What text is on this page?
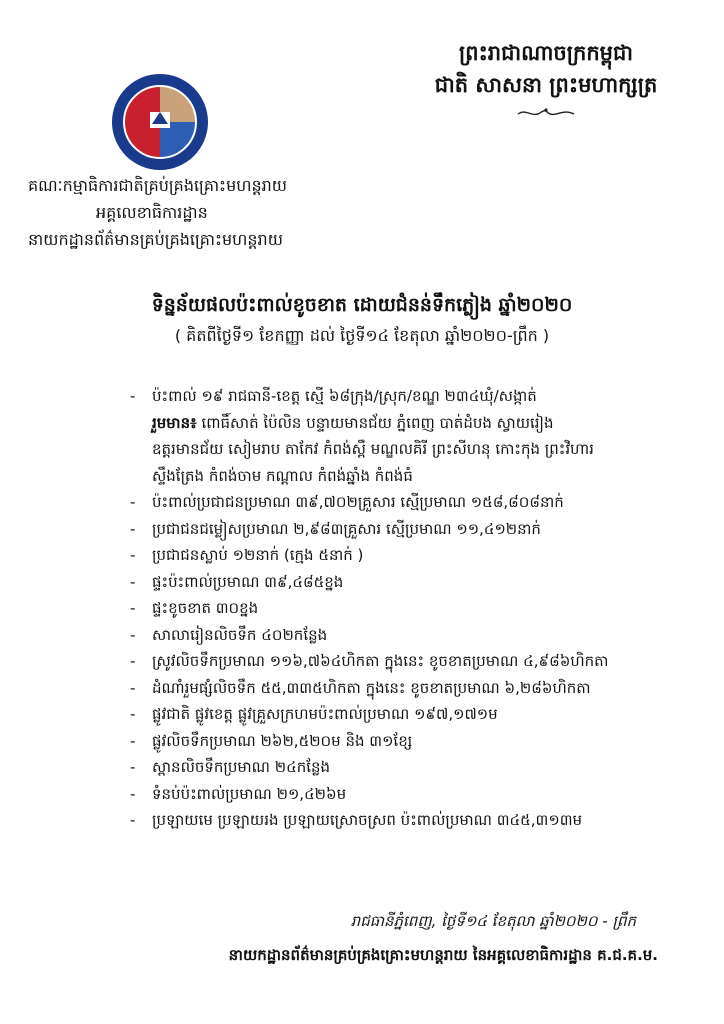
ព្រះរាជាណាចក្រកម្ពុជា
ជាតិ សាសនា ព្រះមហាក្សត្រ
គណៈកម្មាធិការជាតិគ្រប់គ្រងគ្រោះមហន្តរាយ
អគ្គលេខាធិការដ្ឋាន
នាយកដ្ឋានព័ត៌មានគ្រប់គ្រងគ្រោះមហន្តរាយ
ទិន្នន័យផលប៉ះពាល់ខូចខាត ដោយជំនន់ទឹកភ្លៀង ឆ្នាំ២០២០
( គិតពីថ្ងៃទី១ ខែកញ្ញា ដល់ ថ្ងៃទី១៤ ខែតុលា ឆ្នាំ២០២០-ព្រឹក )
- ប៉ះពាល់ ១៩ រាជធានី-ខេត្ត ស្មើ ៦៨ក្រុង/ស្រុក/ខណ្ឌ ២៣៤ឃុំ/សង្កាត់
រួមមាន៖ ពោធិ៍សាត់ ប៉ៃលិន បន្ទាយមានជ័យ ភ្នំពេញ បាត់ដំបង ស្វាយរៀង
ឧត្តរមានជ័យ សៀមរាប តាកែវ កំពង់ស្ពឺ មណ្ឌលគិរី ព្រះសីហនុ កោះកុង ព្រះវិហារ
ស្ទឹងត្រែង កំពង់ចាម កណ្ដាល កំពង់ឆ្នាំង កំពង់ធំ
- ប៉ះពាល់ប្រជាជនប្រមាណ ៣៩,៧០២គ្រួសារ ស្មើប្រមាណ ១៥៨,៨០៨នាក់
- ប្រជាជនជម្លៀសប្រមាណ ២,៩៨៣គ្រួសារ ស្មើប្រមាណ ១១,៤១២នាក់
- ប្រជាជនស្លាប់ ១២នាក់ (ក្មេង ៥នាក់ )
- ផ្ទះប៉ះពាល់ប្រមាណ ៣៩,៤៨៥ខ្នង
- ផ្ទះខូចខាត ៣០ខ្នង
- សាលារៀនលិចទឹក ៤០២កន្លែង
- ស្រូវលិចទឹកប្រមាណ ១១៦,៧៦៤ហិកតា ក្នុងនេះ ខូចខាតប្រមាណ ៤,៩៨៦ហិកតា
- ដំណាំរួមផ្សំលិចទឹក ៥៥,៣៣៥ហិកតា ក្នុងនេះ ខូចខាតប្រមាណ ៦,២៨៦ហិកតា
- ផ្លូវជាតិ ផ្លូវខេត្ត ផ្លូវគ្រួសក្រហមប៉ះពាល់ប្រមាណ ១៩៧,១៧១ម
- ផ្លូវលិចទឹកប្រមាណ ២៦២,៥២០ម និង ៣១ខ្សែ
- ស្ពានលិចទឹកប្រមាណ ២៤កន្លែង
- ទំនប់ប៉ះពាល់ប្រមាណ ២១,៤២៦ម
- ប្រឡាយមេ ប្រឡាយរង ប្រឡាយស្រោចស្រព ប៉ះពាល់ប្រមាណ ៣៤៥,៣១៣ម
រាជធានីភ្នំពេញ, ថ្ងៃទី១៤ ខែតុលា ឆ្នាំ២០២០ - ព្រឹក
នាយកដ្ឋានព័ត៌មានគ្រប់គ្រងគ្រោះមហន្តរាយ នៃអគ្គលេខាធិការដ្ឋាន គ.ជ.គ.ម.
